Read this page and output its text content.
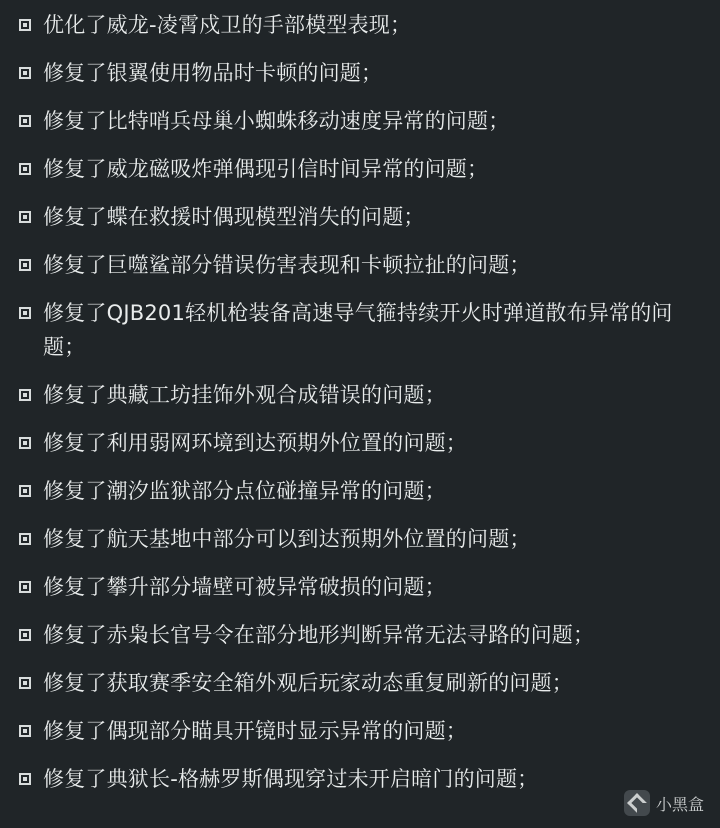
优化了威龙-凌霄戍卫的手部模型表现；
修复了银翼使用物品时卡顿的问题；
修复了比特哨兵母巢小蜘蛛移动速度异常的问题；
修复了威龙磁吸炸弹偶现引信时间异常的问题；
修复了蝶在救援时偶现模型消失的问题；
修复了巨噬鲨部分错误伤害表现和卡顿拉扯的问题；
修复了QJB201轻机枪装备高速导气箍持续开火时弹道散布异常的问题；
修复了典藏工坊挂饰外观合成错误的问题；
修复了利用弱网环境到达预期外位置的问题；
修复了潮汐监狱部分点位碰撞异常的问题；
修复了航天基地中部分可以到达预期外位置的问题；
修复了攀升部分墙壁可被异常破损的问题；
修复了赤枭长官号令在部分地形判断异常无法寻路的问题；
修复了获取赛季安全箱外观后玩家动态重复刷新的问题；
修复了偶现部分瞄具开镜时显示异常的问题；
修复了典狱长-格赫罗斯偶现穿过未开启暗门的问题；
小黑盒
